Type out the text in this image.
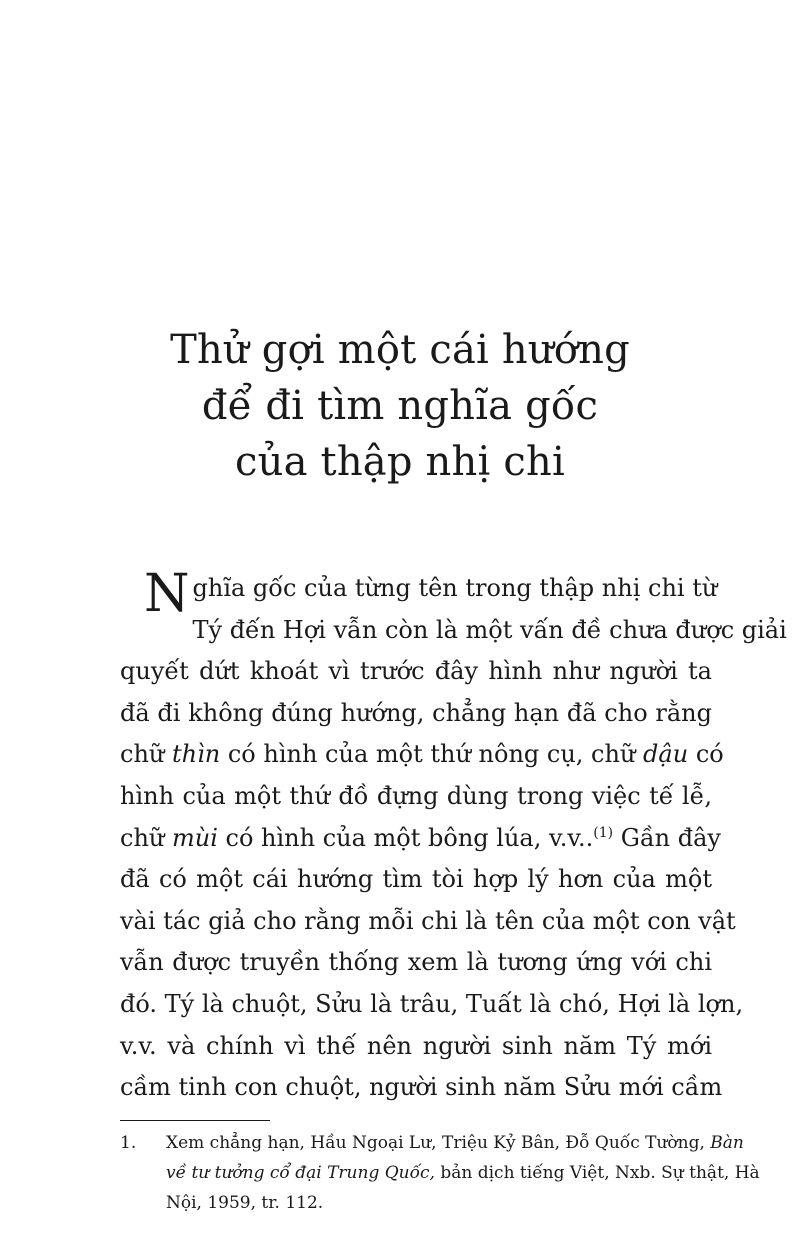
Thử gợi một cái hướng
để đi tìm nghĩa gốc
của thập nhị chi
N ghĩa gốc của từng tên trong thập nhị chi từ
Tý đến Hợi vẫn còn là một vấn đề chưa được giải
quyết dứt khoát vì trước đây hình như người ta
đã đi không đúng hướng, chẳng hạn đã cho rằng
chữ thìn có hình của một thứ nông cụ, chữ dậu có
hình của một thứ đồ đựng dùng trong việc tế lễ,
chữ mùi có hình của một bông lúa, v.v..$^{(1)}$ Gần đây
đã có một cái hướng tìm tòi hợp lý hơn của một
vài tác giả cho rằng mỗi chi là tên của một con vật
vẫn được truyền thống xem là tương ứng với chi
đó. Tý là chuột, Sửu là trâu, Tuất là chó, Hợi là lợn,
v.v. và chính vì thế nên người sinh năm Tý mới
cầm tinh con chuột, người sinh năm Sửu mới cầm
1. Xem chẳng hạn, Hầu Ngoại Lư, Triệu Kỷ Bân, Đỗ Quốc Tường, Bàn
về tư tưởng cổ đại Trung Quốc, bản dịch tiếng Việt, Nxb. Sự thật, Hà
Nội, 1959, tr. 112.
